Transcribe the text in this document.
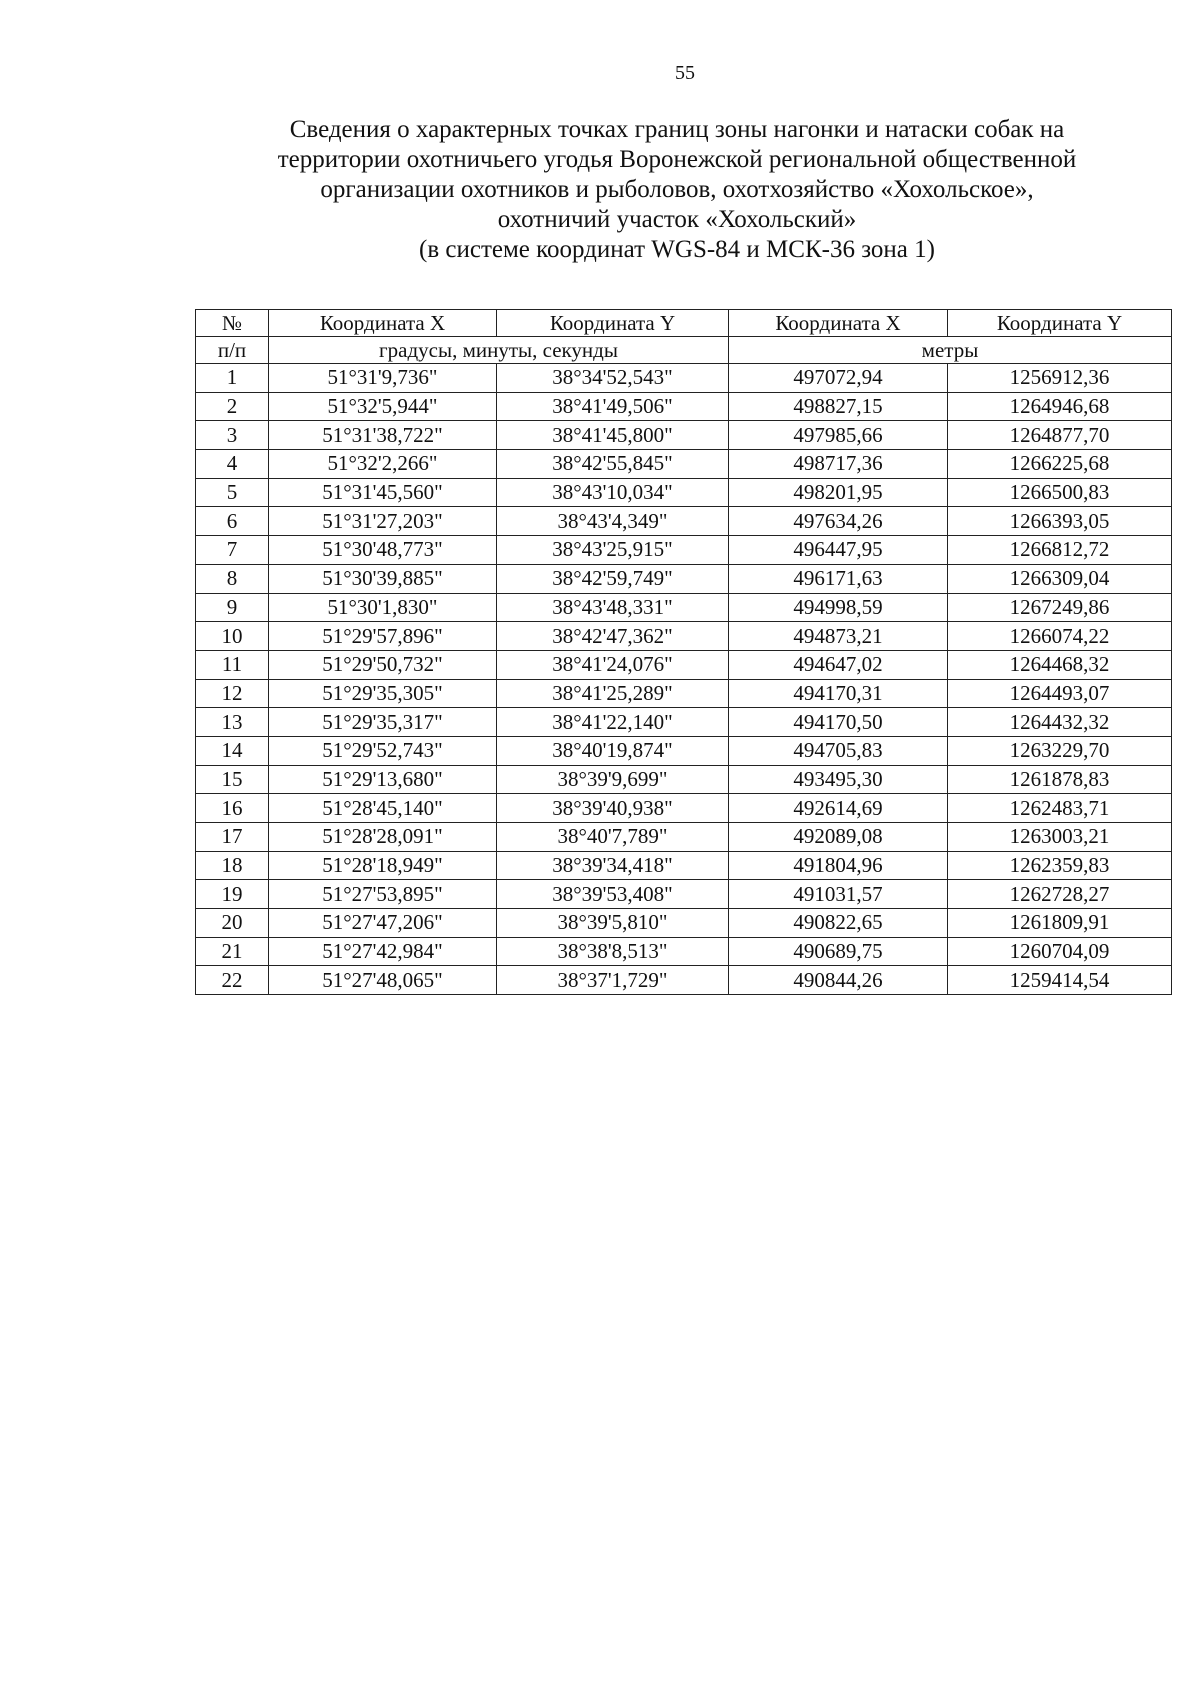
55
Сведения о характерных точках границ зоны нагонки и натаски собак на
территории охотничьего угодья Воронежской региональной общественной
организации охотников и рыболовов, охотхозяйство «Хохольское»,
охотничий участок «Хохольский»
(в системе координат WGS-84 и МСК-36 зона 1)
№	Координата X	Координата Y	Координата X	Координата Y
п/п	градусы, минуты, секунды		метры	
1	51°31'9,736"	38°34'52,543"	497072,94	1256912,36
2	51°32'5,944"	38°41'49,506"	498827,15	1264946,68
3	51°31'38,722"	38°41'45,800"	497985,66	1264877,70
4	51°32'2,266"	38°42'55,845"	498717,36	1266225,68
5	51°31'45,560"	38°43'10,034"	498201,95	1266500,83
6	51°31'27,203"	38°43'4,349"	497634,26	1266393,05
7	51°30'48,773"	38°43'25,915"	496447,95	1266812,72
8	51°30'39,885"	38°42'59,749"	496171,63	1266309,04
9	51°30'1,830"	38°43'48,331"	494998,59	1267249,86
10	51°29'57,896"	38°42'47,362"	494873,21	1266074,22
11	51°29'50,732"	38°41'24,076"	494647,02	1264468,32
12	51°29'35,305"	38°41'25,289"	494170,31	1264493,07
13	51°29'35,317"	38°41'22,140"	494170,50	1264432,32
14	51°29'52,743"	38°40'19,874"	494705,83	1263229,70
15	51°29'13,680"	38°39'9,699"	493495,30	1261878,83
16	51°28'45,140"	38°39'40,938"	492614,69	1262483,71
17	51°28'28,091"	38°40'7,789"	492089,08	1263003,21
18	51°28'18,949"	38°39'34,418"	491804,96	1262359,83
19	51°27'53,895"	38°39'53,408"	491031,57	1262728,27
20	51°27'47,206"	38°39'5,810"	490822,65	1261809,91
21	51°27'42,984"	38°38'8,513"	490689,75	1260704,09
22	51°27'48,065"	38°37'1,729"	490844,26	1259414,54
